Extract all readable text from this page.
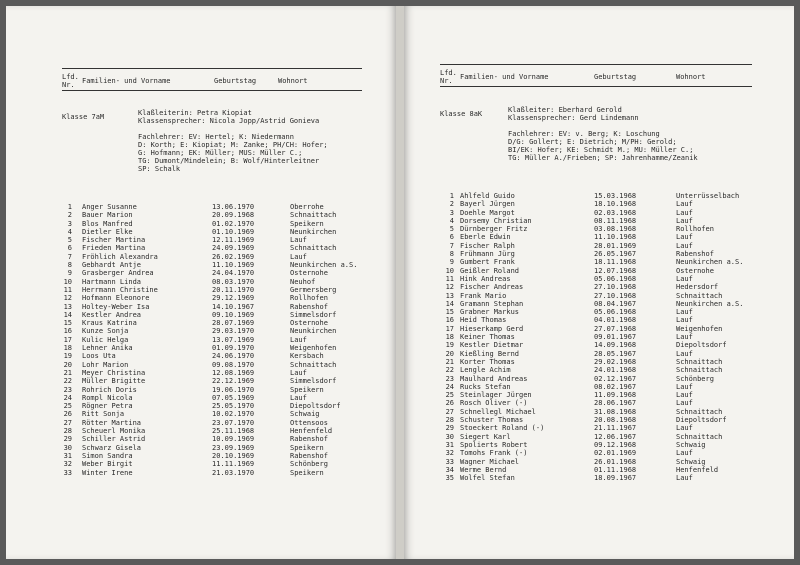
Lfd.
Nr.	Familien- und Vorname	Geburtstag	Wohnort
Klasse 7aM	Klaßleiterin: Petra Kiopiat
Klassensprecher: Nicola Jopp/Astrid Gonieva
Fachlehrer: EV: Hertel; K: Niedermann
D: Korth; E: Kiopiat; M: Zanke; PH/CH: Hofer;
G: Hofmann; EK: Müller; MUS: Müller C.;
TG: Dumont/Mindelein; B: Wolf/Hinterleitner
SP: Schalk
1 Anger Susanne	13.06.1970	Oberrohe
2 Bauer Marion	20.09.1968	Schnaittach
3 Blos Manfred	01.02.1970	Speikern
4 Dietler Elke	01.10.1969	Neunkirchen
5 Fischer Martina	12.11.1969	Lauf
6 Frieden Martina	24.09.1969	Schnaittach
7 Fröhlich Alexandra	26.02.1969	Lauf
8 Gebhardt Antje	11.10.1969	Neunkirchen a.S.
9 Grasberger Andrea	24.04.1970	Osternohe
10 Hartmann Linda	08.03.1970	Neuhof
11 Herrmann Christine	20.11.1970	Germersberg
12 Hofmann Eleonore	29.12.1969	Rollhofen
13 Holtey-Weber Isa	14.10.1967	Rabenshof
14 Kestler Andrea	09.10.1969	Simmelsdorf
15 Kraus Katrina	28.07.1969	Osternohe
16 Kunze Sonja	29.03.1970	Neunkirchen
17 Kulic Helga	13.07.1969	Lauf
18 Lehner Anika	01.09.1970	Weigenhofen
19 Loos Uta	24.06.1970	Kersbach
20 Lohr Marion	09.08.1970	Schnaittach
21 Meyer Christina	12.08.1969	Lauf
22 Müller Brigitte	22.12.1969	Simmelsdorf
23 Rohrich Doris	19.06.1970	Speikern
24 Rompl Nicola	07.05.1969	Lauf
25 Rögner Petra	25.05.1970	Diepoltsdorf
26 Ritt Sonja	10.02.1970	Schwaig
27 Rötter Martina	23.07.1970	Ottensoos
28 Scheuerl Monika	25.11.1968	Henfenfeld
29 Schiller Astrid	10.09.1969	Rabenshof
30 Schwarz Gisela	23.09.1969	Speikern
31 Simon Sandra	20.10.1969	Rabenshof
32 Weber Birgit	11.11.1969	Schönberg
33 Winter Irene	21.03.1970	Speikern
Lfd.
Nr.	Familien- und Vorname	Geburtstag	Wohnort
Klasse 8aK	Klaßleiter: Eberhard Gerold
Klassensprecher: Gerd Lindemann
Fachlehrer: EV: v. Berg; K: Loschung
D/G: Gollert; E: Dietrich; M/PH: Gerold;
BI/EK: Hofer; KE: Schmidt M.; MU: Müller C.;
TG: Müller A./Frieben; SP: Jahrenhamme/Zeanik
1 Ahlfeld Guido	15.03.1968	Unterrüsselbach
2 Bayerl Jürgen	18.10.1968	Lauf
3 Doehle Margot	02.03.1968	Lauf
4 Dorsemy Christian	08.11.1968	Lauf
5 Dürnberger Fritz	03.08.1968	Rollhofen
6 Eberle Edwin	11.10.1968	Lauf
7 Fischer Ralph	28.01.1969	Lauf
8 Frühmann Jürg	26.05.1967	Rabenshof
9 Gumbert Frank	18.11.1968	Neunkirchen a.S.
10 Geißler Roland	12.07.1968	Osternohe
11 Hink Andreas	05.06.1968	Lauf
12 Fischer Andreas	27.10.1968	Hedersdorf
13 Frank Mario	27.10.1968	Schnaittach
14 Gramann Stephan	08.04.1967	Neunkirchen a.S.
15 Grabner Markus	05.06.1968	Lauf
16 Heid Thomas	04.01.1968	Lauf
17 Hieserkamp Gerd	27.07.1968	Weigenhofen
18 Keiner Thomas	09.01.1967	Lauf
19 Kestler Dietmar	14.09.1968	Diepoltsdorf
20 Kießling Bernd	28.05.1967	Lauf
21 Korter Thomas	29.02.1968	Schnaittach
22 Lengle Achim	24.01.1968	Schnaittach
23 Maulhard Andreas	02.12.1967	Schönberg
24 Rucks Stefan	08.02.1967	Lauf
25 Steinlager Jürgen	11.09.1968	Lauf
26 Rosch Oliver (-)	28.06.1967	Lauf
27 Schnellegl Michael	31.08.1968	Schnaittach
28 Schuster Thomas	20.08.1968	Diepoltsdorf
29 Stoeckert Roland (-)	21.11.1967	Lauf
30 Siegert Karl	12.06.1967	Schnaittach
31 Spolierts Robert	09.12.1968	Schwaig
32 Tomohs Frank (-)	02.01.1969	Lauf
33 Wagner Michael	26.01.1968	Schwaig
34 Werme Bernd	01.11.1968	Henfenfeld
35 Wolfel Stefan	18.09.1967	Lauf
